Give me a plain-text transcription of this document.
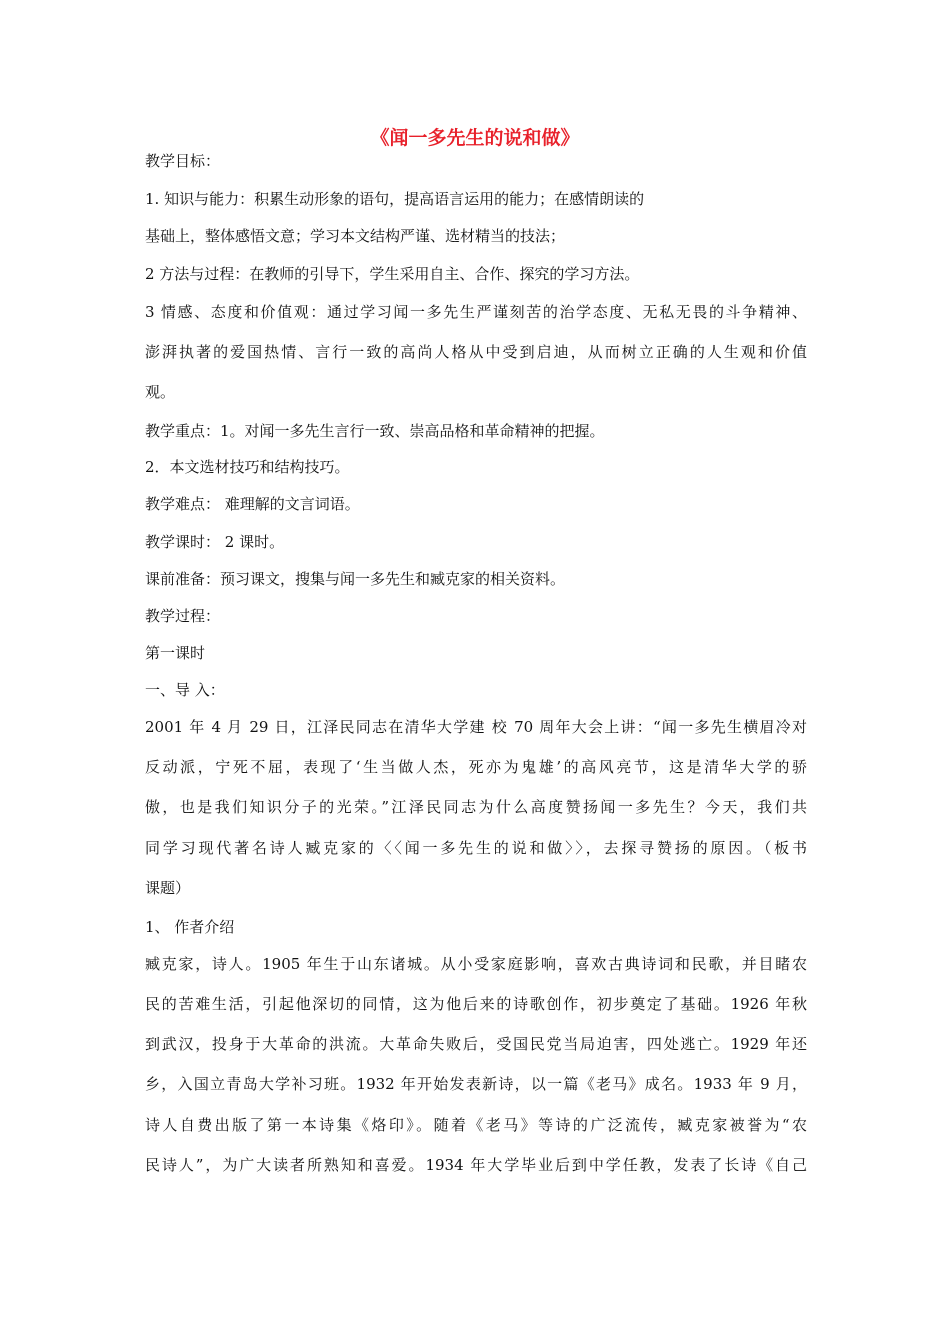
《闻一多先生的说和做》
教学目标：
1. 知识与能力：积累生动形象的语句，提高语言运用的能力；在感情朗读的
基础上，整体感悟文意；学习本文结构严谨、选材精当的技法；
2 方法与过程：在教师的引导下，学生采用自主、合作、探究的学习方法。
3 情感、态度和价值观：通过学习闻一多先生严谨刻苦的治学态度、无私无畏的斗争精神、
澎湃执著的爱国热情、言行一致的高尚人格从中受到启迪，从而树立正确的人生观和价值
观。
教学重点：1。对闻一多先生言行一致、崇高品格和革命精神的把握。
2．本文选材技巧和结构技巧。
教学难点： 难理解的文言词语。
教学课时： 2 课时。
课前准备：预习课文，搜集与闻一多先生和臧克家的相关资料。
教学过程：
第一课时
一、导 入：
2001 年 4 月 29 日，江泽民同志在清华大学建 校 70 周年大会上讲：“闻一多先生横眉冷对
反动派，宁死不屈，表现了‘生当做人杰，死亦为鬼雄’的高风亮节，这是清华大学的骄
傲，也是我们知识分子的光荣。”江泽民同志为什么高度赞扬闻一多先生？今天，我们共
同学习现代著名诗人臧克家的〈〈闻一多先生的说和做〉〉，去探寻赞扬的原因。（板书
课题）
1、 作者介绍
臧克家，诗人。1905 年生于山东诸城。从小受家庭影响，喜欢古典诗词和民歌，并目睹农
民的苦难生活，引起他深切的同情，这为他后来的诗歌创作，初步奠定了基础。1926 年秋
到武汉，投身于大革命的洪流。大革命失败后，受国民党当局迫害，四处逃亡。1929 年还
乡，入国立青岛大学补习班。1932 年开始发表新诗，以一篇《老马》成名。1933 年 9 月，
诗人自费出版了第一本诗集《烙印》。随着《老马》等诗的广泛流传，臧克家被誉为“农
民诗人”，为广大读者所熟知和喜爱。1934 年大学毕业后到中学任教，发表了长诗《自己
